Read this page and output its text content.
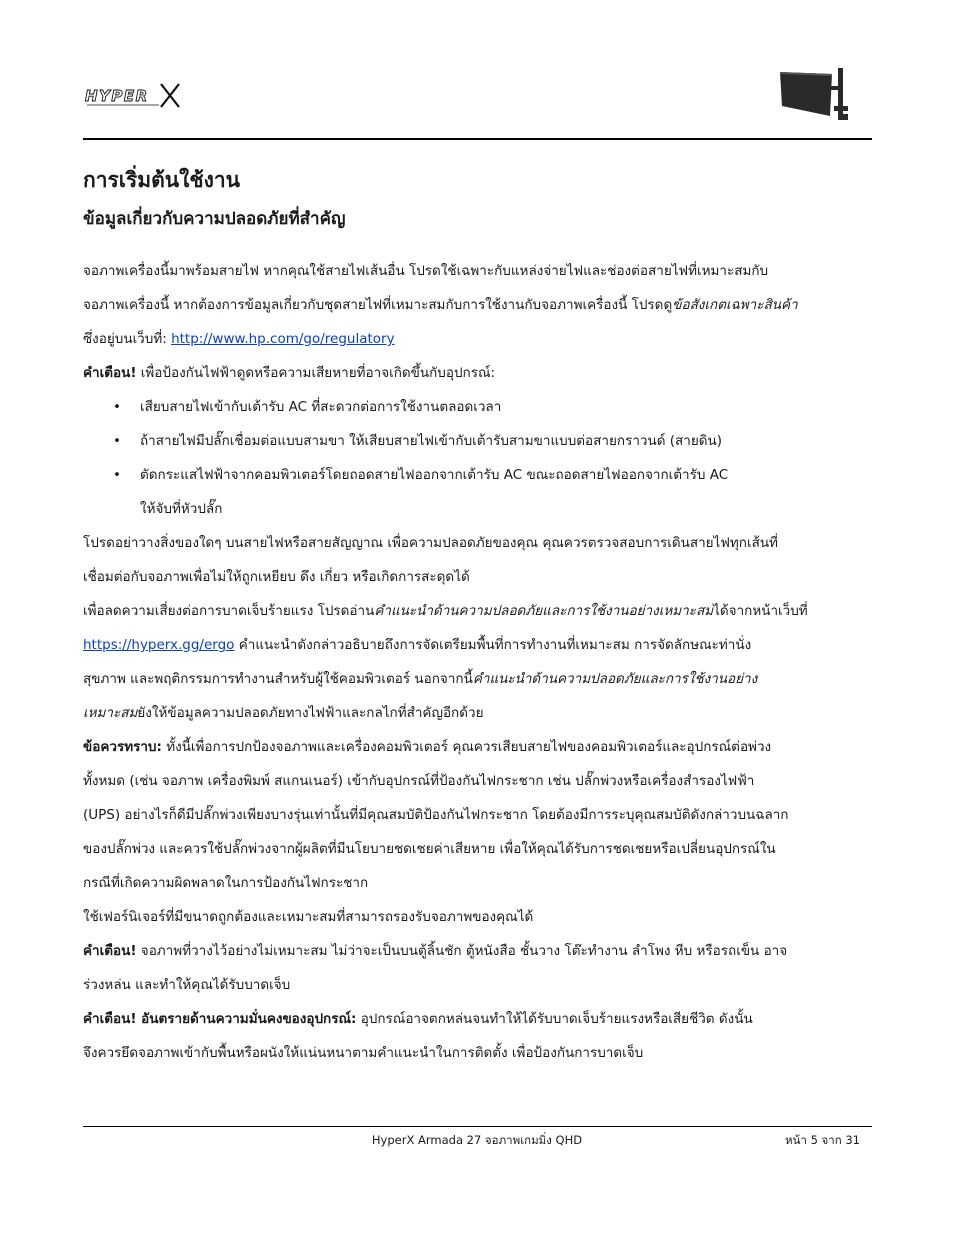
HYPER
การเริ่มต้นใช้งาน
ข้อมูลเกี่ยวกับความปลอดภัยที่สำคัญ

จอภาพเครื่องนี้มาพร้อมสายไฟ หากคุณใช้สายไฟเส้นอื่น โปรดใช้เฉพาะกับแหล่งจ่ายไฟและช่องต่อสายไฟที่เหมาะสมกับ
จอภาพเครื่องนี้ หากต้องการข้อมูลเกี่ยวกับชุดสายไฟที่เหมาะสมกับการใช้งานกับจอภาพเครื่องนี้ โปรดดูข้อสังเกตเฉพาะสินค้า
ซึ่งอยู่บนเว็บที่: http://www.hp.com/go/regulatory

คำเตือน! เพื่อป้องกันไฟฟ้าดูดหรือความเสียหายที่อาจเกิดขึ้นกับอุปกรณ์:

• เสียบสายไฟเข้ากับเต้ารับ AC ที่สะดวกต่อการใช้งานตลอดเวลา
• ถ้าสายไฟมีปลั๊กเชื่อมต่อแบบสามขา ให้เสียบสายไฟเข้ากับเต้ารับสามขาแบบต่อสายกราวนด์ (สายดิน)
• ตัดกระแสไฟฟ้าจากคอมพิวเตอร์โดยถอดสายไฟออกจากเต้ารับ AC ขณะถอดสายไฟออกจากเต้ารับ AC
ให้จับที่หัวปลั๊ก

โปรดอย่าวางสิ่งของใดๆ บนสายไฟหรือสายสัญญาณ เพื่อความปลอดภัยของคุณ คุณควรตรวจสอบการเดินสายไฟทุกเส้นที่
เชื่อมต่อกับจอภาพเพื่อไม่ให้ถูกเหยียบ ดึง เกี่ยว หรือเกิดการสะดุดได้

เพื่อลดความเสี่ยงต่อการบาดเจ็บร้ายแรง โปรดอ่านคำแนะนำด้านความปลอดภัยและการใช้งานอย่างเหมาะสมได้จากหน้าเว็บที่
https://hyperx.gg/ergo คำแนะนำดังกล่าวอธิบายถึงการจัดเตรียมพื้นที่การทำงานที่เหมาะสม การจัดลักษณะท่านั่ง
สุขภาพ และพฤติกรรมการทำงานสำหรับผู้ใช้คอมพิวเตอร์ นอกจากนี้คำแนะนำด้านความปลอดภัยและการใช้งานอย่าง
เหมาะสมยังให้ข้อมูลความปลอดภัยทางไฟฟ้าและกลไกที่สำคัญอีกด้วย

ข้อควรทราบ: ทั้งนี้เพื่อการปกป้องจอภาพและเครื่องคอมพิวเตอร์ คุณควรเสียบสายไฟของคอมพิวเตอร์และอุปกรณ์ต่อพ่วง
ทั้งหมด (เช่น จอภาพ เครื่องพิมพ์ สแกนเนอร์) เข้ากับอุปกรณ์ที่ป้องกันไฟกระชาก เช่น ปลั๊กพ่วงหรือเครื่องสำรองไฟฟ้า
(UPS) อย่างไรก็ดีมีปลั๊กพ่วงเพียงบางรุ่นเท่านั้นที่มีคุณสมบัติป้องกันไฟกระชาก โดยต้องมีการระบุคุณสมบัติดังกล่าวบนฉลาก
ของปลั๊กพ่วง และควรใช้ปลั๊กพ่วงจากผู้ผลิตที่มีนโยบายชดเชยค่าเสียหาย เพื่อให้คุณได้รับการชดเชยหรือเปลี่ยนอุปกรณ์ใน
กรณีที่เกิดความผิดพลาดในการป้องกันไฟกระชาก

ใช้เฟอร์นิเจอร์ที่มีขนาดถูกต้องและเหมาะสมที่สามารถรองรับจอภาพของคุณได้

คำเตือน! จอภาพที่วางไว้อย่างไม่เหมาะสม ไม่ว่าจะเป็นบนตู้ลิ้นชัก ตู้หนังสือ ชั้นวาง โต๊ะทำงาน ลำโพง หีบ หรือรถเข็น อาจ
ร่วงหล่น และทำให้คุณได้รับบาดเจ็บ

คำเตือน! อันตรายด้านความมั่นคงของอุปกรณ์: อุปกรณ์อาจตกหล่นจนทำให้ได้รับบาดเจ็บร้ายแรงหรือเสียชีวิต ดังนั้น
จึงควรยึดจอภาพเข้ากับพื้นหรือผนังให้แน่นหนาตามคำแนะนำในการติดตั้ง เพื่อป้องกันการบาดเจ็บ

HyperX Armada 27 จอภาพเกมมิ่ง QHD	หน้า 5 จาก 31
